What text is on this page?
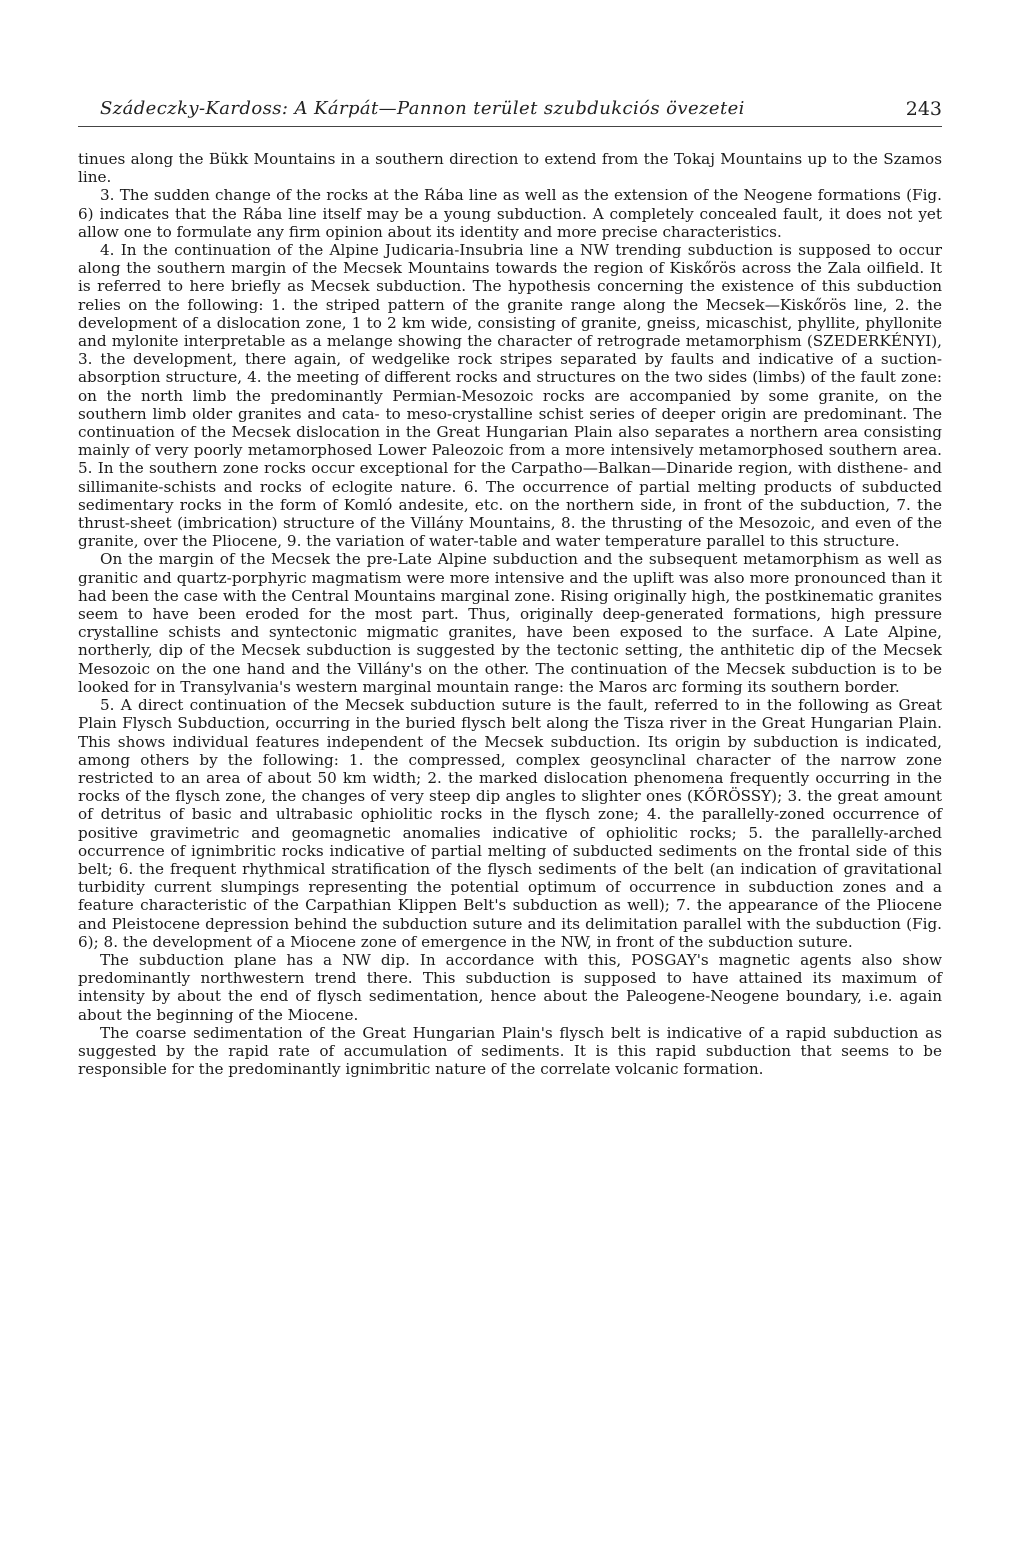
Szádeczky-Kardoss: A Kárpát—Pannon terület szubdukciós övezetei	243

tinues along the Bükk Mountains in a southern direction to extend from the Tokaj Mountains up to the Szamos line.

3. The sudden change of the rocks at the Rába line as well as the extension of the Neogene formations (Fig. 6) indicates that the Rába line itself may be a young subduction. A completely concealed fault, it does not yet allow one to formulate any firm opinion about its identity and more precise characteristics.

4. In the continuation of the Alpine Judicaria-Insubria line a NW trending subduction is supposed to occur along the southern margin of the Mecsek Mountains towards the region of Kiskőrös across the Zala oilfield. It is referred to here briefly as Mecsek subduction. The hypothesis concerning the existence of this subduction relies on the following: 1. the striped pattern of the granite range along the Mecsek—Kiskőrös line, 2. the development of a dislocation zone, 1 to 2 km wide, consisting of granite, gneiss, micaschist, phyllite, phyllonite and mylonite interpretable as a melange showing the character of retrograde metamorphism (SZEDERKÉNYI), 3. the development, there again, of wedgelike rock stripes separated by faults and indicative of a suction-absorption structure, 4. the meeting of different rocks and structures on the two sides (limbs) of the fault zone: on the north limb the predominantly Permian-Mesozoic rocks are accompanied by some granite, on the southern limb older granites and cata- to meso-crystalline schist series of deeper origin are predominant. The continuation of the Mecsek dislocation in the Great Hungarian Plain also separates a northern area consisting mainly of very poorly metamorphosed Lower Paleozoic from a more intensively metamorphosed southern area. 5. In the southern zone rocks occur exceptional for the Carpatho—Balkan—Dinaride region, with disthene- and sillimanite-schists and rocks of eclogite nature. 6. The occurrence of partial melting products of subducted sedimentary rocks in the form of Komló andesite, etc. on the northern side, in front of the subduction, 7. the thrust-sheet (imbrication) structure of the Villány Mountains, 8. the thrusting of the Mesozoic, and even of the granite, over the Pliocene, 9. the variation of water-table and water temperature parallel to this structure.

On the margin of the Mecsek the pre-Late Alpine subduction and the subsequent metamorphism as well as granitic and quartz-porphyric magmatism were more intensive and the uplift was also more pronounced than it had been the case with the Central Mountains marginal zone. Rising originally high, the postkinematic granites seem to have been eroded for the most part. Thus, originally deep-generated formations, high pressure crystalline schists and syntectonic migmatic granites, have been exposed to the surface. A Late Alpine, northerly, dip of the Mecsek subduction is suggested by the tectonic setting, the anthitetic dip of the Mecsek Mesozoic on the one hand and the Villány's on the other. The continuation of the Mecsek subduction is to be looked for in Transylvania's western marginal mountain range: the Maros arc forming its southern border.

5. A direct continuation of the Mecsek subduction suture is the fault, referred to in the following as Great Plain Flysch Subduction, occurring in the buried flysch belt along the Tisza river in the Great Hungarian Plain. This shows individual features independent of the Mecsek subduction. Its origin by subduction is indicated, among others by the following: 1. the compressed, complex geosynclinal character of the narrow zone restricted to an area of about 50 km width; 2. the marked dislocation phenomena frequently occurring in the rocks of the flysch zone, the changes of very steep dip angles to slighter ones (KŐRÖSSY); 3. the great amount of detritus of basic and ultrabasic ophiolitic rocks in the flysch zone; 4. the parallelly-zoned occurrence of positive gravimetric and geomagnetic anomalies indicative of ophiolitic rocks; 5. the parallelly-arched occurrence of ignimbritic rocks indicative of partial melting of subducted sediments on the frontal side of this belt; 6. the frequent rhythmical stratification of the flysch sediments of the belt (an indication of gravitational turbidity current slumpings representing the potential optimum of occurrence in subduction zones and a feature characteristic of the Carpathian Klippen Belt's subduction as well); 7. the appearance of the Pliocene and Pleistocene depression behind the subduction suture and its delimitation parallel with the subduction (Fig. 6); 8. the development of a Miocene zone of emergence in the NW, in front of the subduction suture.

The subduction plane has a NW dip. In accordance with this, POSGAY's magnetic agents also show predominantly northwestern trend there. This subduction is supposed to have attained its maximum of intensity by about the end of flysch sedimentation, hence about the Paleogene-Neogene boundary, i.e. again about the beginning of the Miocene.

The coarse sedimentation of the Great Hungarian Plain's flysch belt is indicative of a rapid subduction as suggested by the rapid rate of accumulation of sediments. It is this rapid subduction that seems to be responsible for the predominantly ignimbritic nature of the correlate volcanic formation.
